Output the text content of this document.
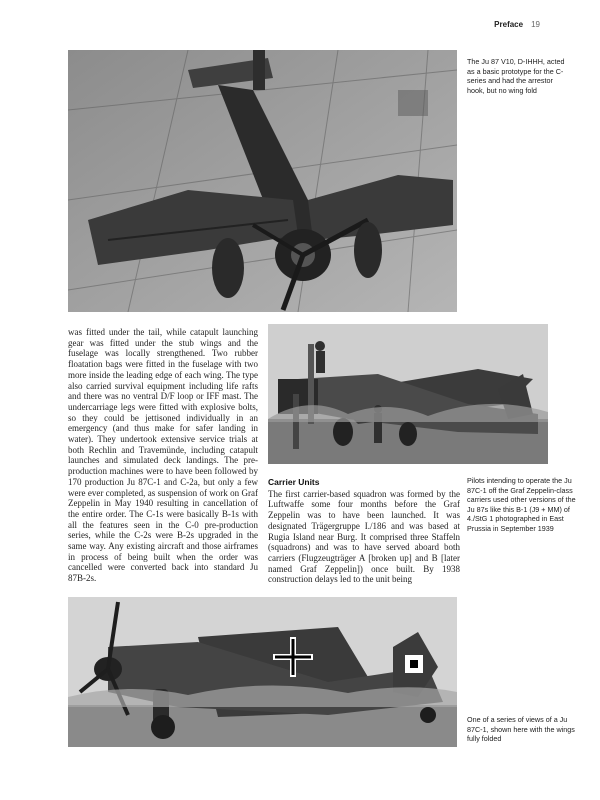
Preface 19
The Ju 87 V10, D-IHHH, acted as a basic prototype for the C-series and had the arrestor hook, but no wing fold
was fitted under the tail, while catapult launching gear was fitted under the stub wings and the fuselage was locally strengthened. Two rubber floatation bags were fitted in the fuselage with two more inside the leading edge of each wing. The type also carried survival equipment including life rafts and there was no ventral D/F loop or IFF mast. The undercarriage legs were fitted with explosive bolts, so they could be jettisoned individually in an emergency (and thus make for safer landing in water). They undertook extensive service trials at both Rechlin and Travemünde, including catapult launches and simulated deck landings. The pre-production machines were to have been followed by 170 production Ju 87C-1 and C-2a, but only a few were ever completed, as suspension of work on Graf Zeppelin in May 1940 resulting in cancellation of the entire order. The C-1s were basically B-1s with all the features seen in the C-0 pre-production series, while the C-2s were B-2s upgraded in the same way. Any existing aircraft and those airframes in process of being built when the order was cancelled were converted back into standard Ju 87B-2s.
Carrier Units

The first carrier-based squadron was formed by the Luftwaffe some four months before the Graf Zeppelin was to have been launched. It was designated Trägergruppe I./186 and was based at Rugia Island near Burg. It comprised three Staffeln (squadrons) and was to have served aboard both carriers (Flugzeugträger A [broken up] and B [later named Graf Zeppelin]) once built. By 1938 construction delays led to the unit being

Pilots intending to operate the Ju 87C-1 off the Graf Zeppelin-class carriers used other versions of the Ju 87s like this B-1 (J9 + MM) of 4./StG 1 photographed in East Prussia in September 1939
One of a series of views of a Ju 87C-1, shown here with the wings fully folded
